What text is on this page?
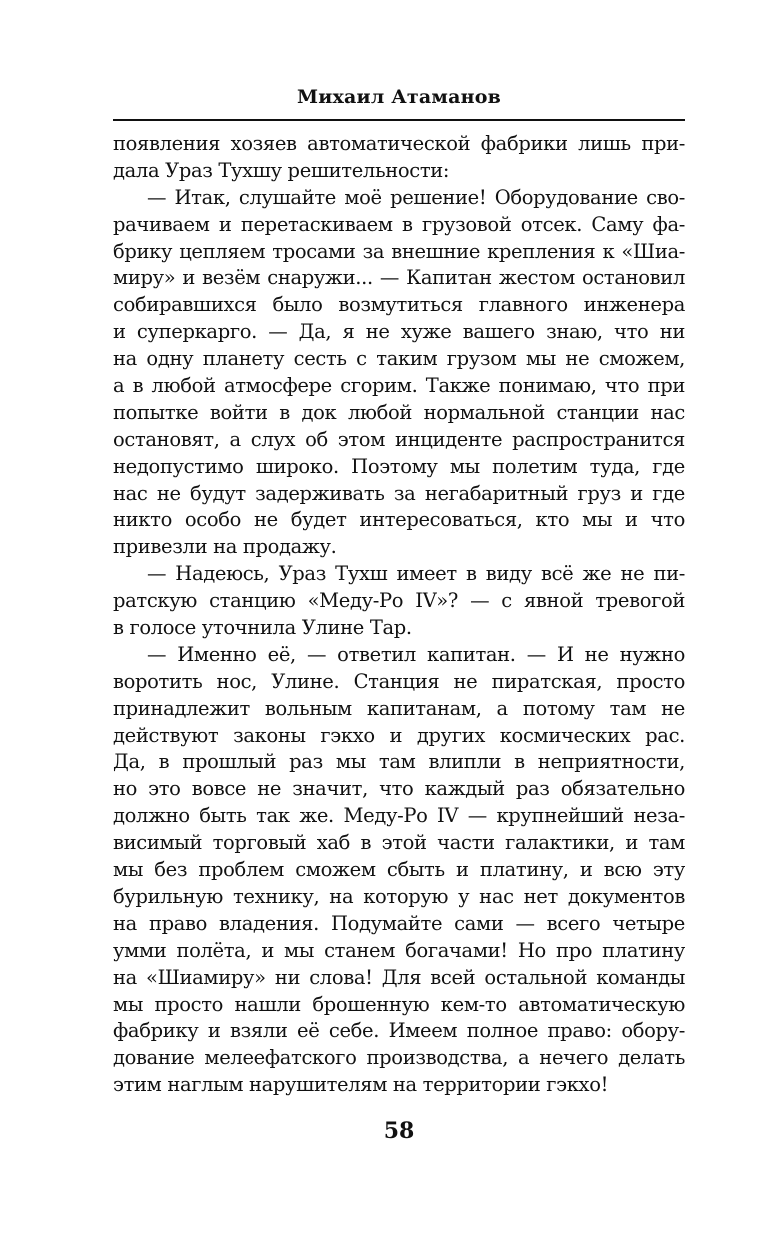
Михаил Атаманов
появления хозяев автоматической фабрики лишь при-
дала Ураз Тухшу решительности:
— Итак, слушайте моё решение! Оборудование сво-
рачиваем и перетаскиваем в грузовой отсек. Саму фа-
брику цепляем тросами за внешние крепления к «Шиа-
миру» и везём снаружи... — Капитан жестом остановил
собиравшихся было возмутиться главного инженера
и суперкарго. — Да, я не хуже вашего знаю, что ни
на одну планету сесть с таким грузом мы не сможем,
а в любой атмосфере сгорим. Также понимаю, что при
попытке войти в док любой нормальной станции нас
остановят, а слух об этом инциденте распространится
недопустимо широко. Поэтому мы полетим туда, где
нас не будут задерживать за негабаритный груз и где
никто особо не будет интересоваться, кто мы и что
привезли на продажу.
— Надеюсь, Ураз Тухш имеет в виду всё же не пи-
ратскую станцию «Меду-Ро IV»? — с явной тревогой
в голосе уточнила Улине Тар.
— Именно её, — ответил капитан. — И не нужно
воротить нос, Улине. Станция не пиратская, просто
принадлежит вольным капитанам, а потому там не
действуют законы гэкхо и других космических рас.
Да, в прошлый раз мы там влипли в неприятности,
но это вовсе не значит, что каждый раз обязательно
должно быть так же. Меду-Ро IV — крупнейший неза-
висимый торговый хаб в этой части галактики, и там
мы без проблем сможем сбыть и платину, и всю эту
бурильную технику, на которую у нас нет документов
на право владения. Подумайте сами — всего четыре
умми полёта, и мы станем богачами! Но про платину
на «Шиамиру» ни слова! Для всей остальной команды
мы просто нашли брошенную кем-то автоматическую
фабрику и взяли её себе. Имеем полное право: обору-
дование мелеефатского производства, а нечего делать
этим наглым нарушителям на территории гэкхо!
58
